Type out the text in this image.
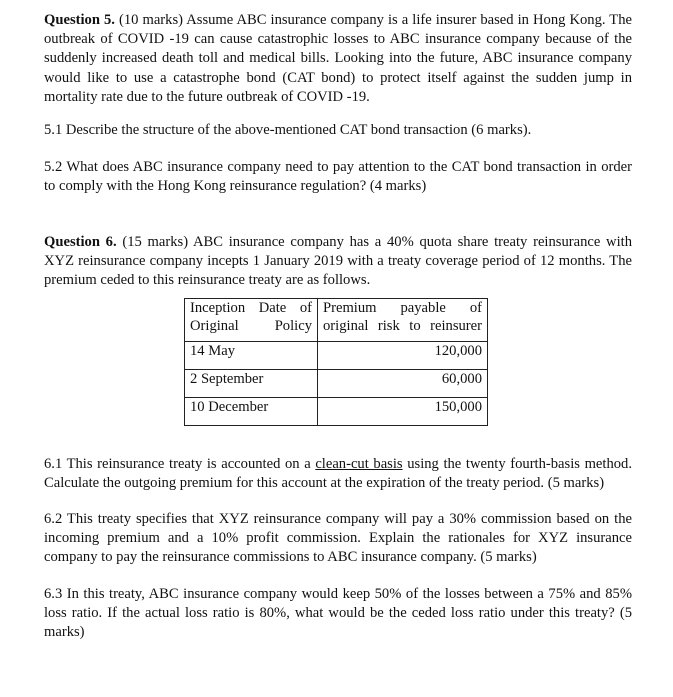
Question 5. (10 marks) Assume ABC insurance company is a life insurer based in Hong Kong. The outbreak of COVID -19 can cause catastrophic losses to ABC insurance company because of the suddenly increased death toll and medical bills. Looking into the future, ABC insurance company would like to use a catastrophe bond (CAT bond) to protect itself against the sudden jump in mortality rate due to the future outbreak of COVID -19.

5.1 Describe the structure of the above-mentioned CAT bond transaction (6 marks).

5.2 What does ABC insurance company need to pay attention to the CAT bond transaction in order to comply with the Hong Kong reinsurance regulation? (4 marks)

Question 6. (15 marks) ABC insurance company has a 40% quota share treaty reinsurance with XYZ reinsurance company incepts 1 January 2019 with a treaty coverage period of 12 months. The premium ceded to this reinsurance treaty are as follows.

Inception Date of Original Policy	Premium payable of original risk to reinsurer
14 May	120,000
2 September	60,000
10 December	150,000

6.1 This reinsurance treaty is accounted on a clean-cut basis using the twenty fourth-basis method. Calculate the outgoing premium for this account at the expiration of the treaty period. (5 marks)

6.2 This treaty specifies that XYZ reinsurance company will pay a 30% commission based on the incoming premium and a 10% profit commission. Explain the rationales for XYZ insurance company to pay the reinsurance commissions to ABC insurance company. (5 marks)

6.3 In this treaty, ABC insurance company would keep 50% of the losses between a 75% and 85% loss ratio. If the actual loss ratio is 80%, what would be the ceded loss ratio under this treaty? (5 marks)
